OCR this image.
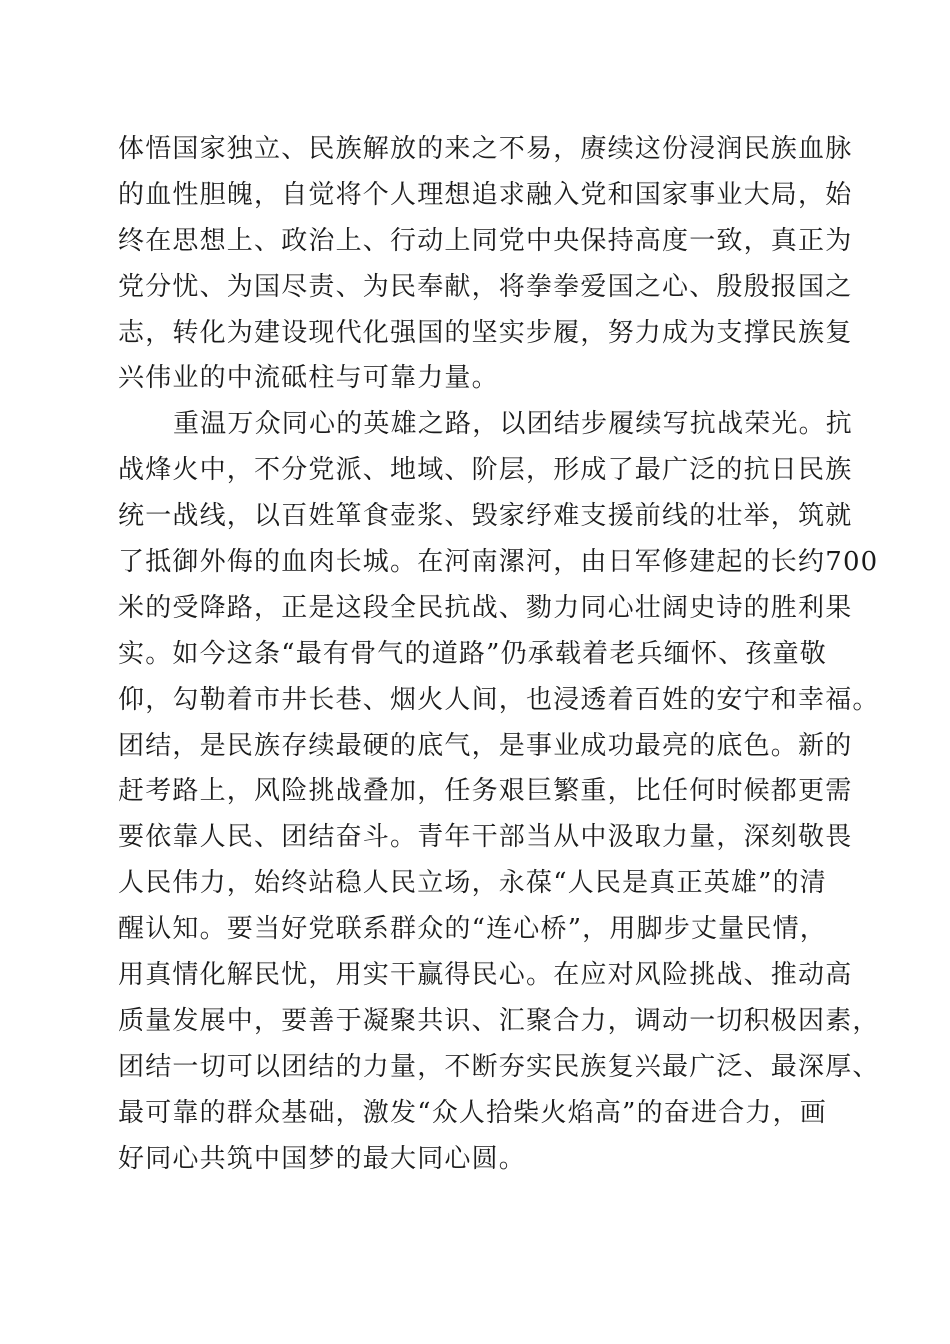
体悟国家独立、民族解放的来之不易，赓续这份浸润民族血脉
的血性胆魄，自觉将个人理想追求融入党和国家事业大局，始
终在思想上、政治上、行动上同党中央保持高度一致，真正为
党分忧、为国尽责、为民奉献，将拳拳爱国之心、殷殷报国之
志，转化为建设现代化强国的坚实步履，努力成为支撑民族复
兴伟业的中流砥柱与可靠力量。
重温万众同心的英雄之路，以团结步履续写抗战荣光。抗
战烽火中，不分党派、地域、阶层，形成了最广泛的抗日民族
统一战线，以百姓箪食壶浆、毁家纾难支援前线的壮举，筑就
了抵御外侮的血肉长城。在河南漯河，由日军修建起的长约700
米的受降路，正是这段全民抗战、勠力同心壮阔史诗的胜利果
实。如今这条“最有骨气的道路”仍承载着老兵缅怀、孩童敬
仰，勾勒着市井长巷、烟火人间，也浸透着百姓的安宁和幸福。
团结，是民族存续最硬的底气，是事业成功最亮的底色。新的
赶考路上，风险挑战叠加，任务艰巨繁重，比任何时候都更需
要依靠人民、团结奋斗。青年干部当从中汲取力量，深刻敬畏
人民伟力，始终站稳人民立场，永葆“人民是真正英雄”的清
醒认知。要当好党联系群众的“连心桥”，用脚步丈量民情，
用真情化解民忧，用实干赢得民心。在应对风险挑战、推动高
质量发展中，要善于凝聚共识、汇聚合力，调动一切积极因素，
团结一切可以团结的力量，不断夯实民族复兴最广泛、最深厚、
最可靠的群众基础，激发“众人拾柴火焰高”的奋进合力，画
好同心共筑中国梦的最大同心圆。
